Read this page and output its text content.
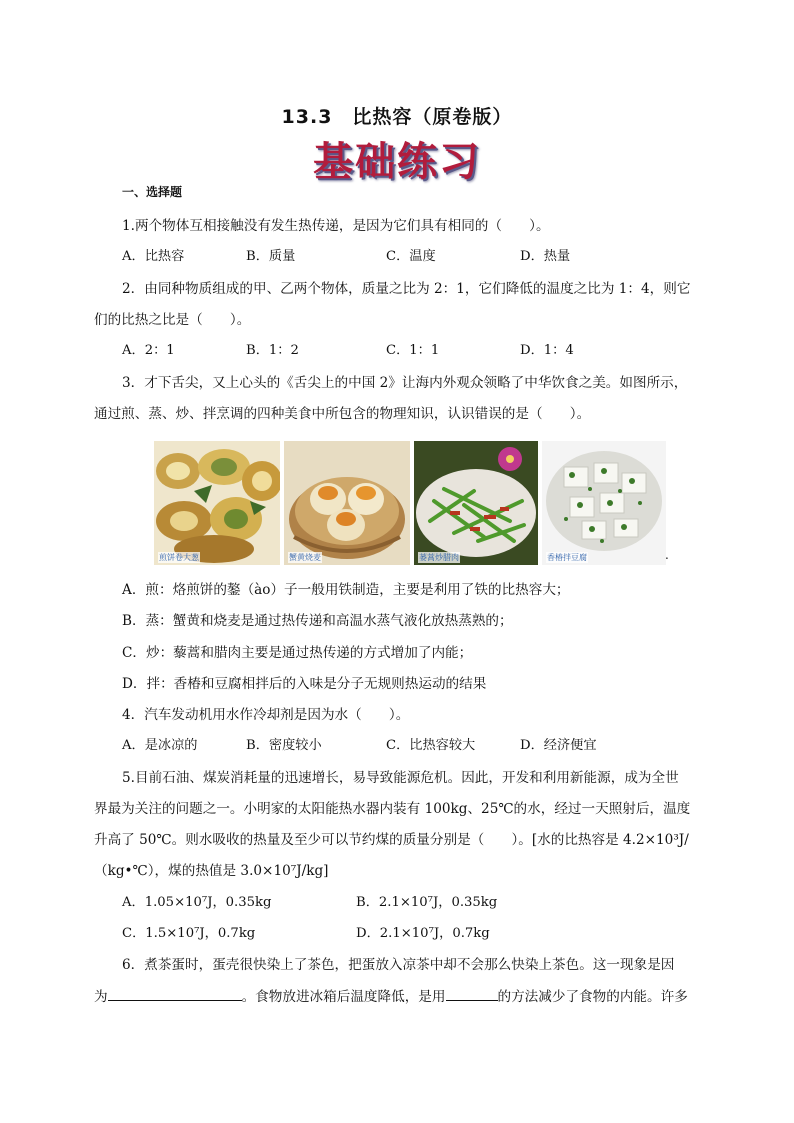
13.3　比热容（原卷版）
基础练习
一、选择题
1.两个物体互相接触没有发生热传递，是因为它们具有相同的（　　）。
A．比热容	B．质量	C．温度	D．热量
2．由同种物质组成的甲、乙两个物体，质量之比为 2：1，它们降低的温度之比为 1：4，则它
们的比热之比是（　　）。
A．2：1	B．1：2	C．1：1	D．1：4
3．才下舌尖，又上心头的《舌尖上的中国 2》让海内外观众领略了中华饮食之美。如图所示，
通过煎、蒸、炒、拌烹调的四种美食中所包含的物理知识，认识错误的是（　　）。
煎饼卷大葱	蟹黄烧麦	蒌蒿炒腊肉	香椿拌豆腐	.
A．煎：烙煎饼的鏊（ào）子一般用铁制造，主要是利用了铁的比热容大；
B．蒸：蟹黄和烧麦是通过热传递和高温水蒸气液化放热蒸熟的；
C．炒：藜蒿和腊肉主要是通过热传递的方式增加了内能；
D．拌：香椿和豆腐相拌后的入味是分子无规则热运动的结果
4．汽车发动机用水作冷却剂是因为水（　　）。
A．是冰凉的	B．密度较小	C．比热容较大	D．经济便宜
5.目前石油、煤炭消耗量的迅速增长，易导致能源危机。因此，开发和利用新能源，成为全世
界最为关注的问题之一。小明家的太阳能热水器内装有 100kg、25℃的水，经过一天照射后，温度
升高了 50℃。则水吸收的热量及至少可以节约煤的质量分别是（　　）。[水的比热容是 4.2×10³J/
（kg•℃），煤的热值是 3.0×10⁷J/kg]
A．1.05×10⁷J，0.35kg	B．2.1×10⁷J，0.35kg
C．1.5×10⁷J，0.7kg	D．2.1×10⁷J，0.7kg
6．煮茶蛋时，蛋壳很快染上了茶色，把蛋放入凉茶中却不会那么快染上茶色。这一现象是因
为	。食物放进冰箱后温度降低，是用	的方法减少了食物的内能。许多
